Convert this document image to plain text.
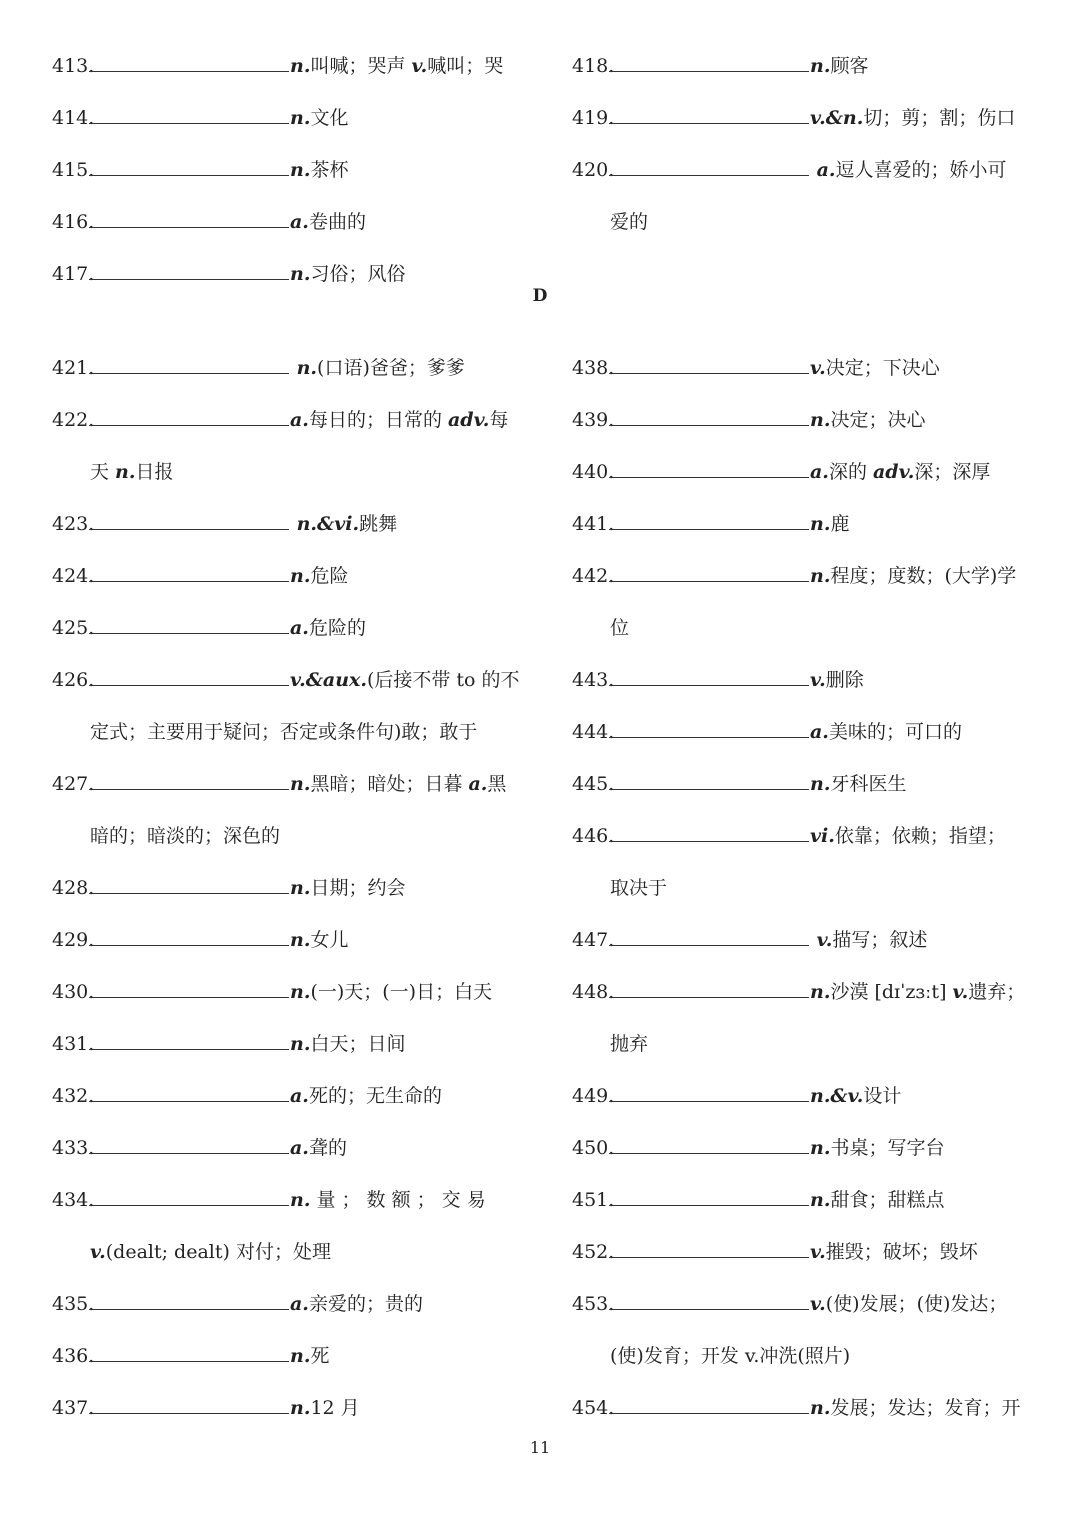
413.	n.叫喊；哭声 v.喊叫；哭
414.	n.文化
415.	n.茶杯
416.	a.卷曲的
417.	n.习俗；风俗
421.	n.(口语)爸爸；爹爹
422.	a.每日的；日常的 adv.每
天 n.日报
423.	n.&vi.跳舞
424.	n.危险
425.	a.危险的
426.	v.&aux.(后接不带 to 的不
定式；主要用于疑问；否定或条件句)敢；敢于
427.	n.黑暗；暗处；日暮 a.黑
暗的；暗淡的；深色的
428.	n.日期；约会
429.	n.女儿
430.	n.(一)天；(一)日；白天
431.	n.白天；日间
432.	a.死的；无生命的
433.	a.聋的
434.	n. 量 ； 数 额 ； 交 易
v.(dealt; dealt) 对付；处理
435.	a.亲爱的；贵的
436.	n.死
437.	n.12 月
418.	n.顾客
419.	v.&n.切；剪；割；伤口
420.	a.逗人喜爱的；娇小可
爱的
438.	v.决定；下决心
439.	n.决定；决心
440.	a.深的 adv.深；深厚
441.	n.鹿
442.	n.程度；度数；(大学)学
位
443.	v.删除
444.	a.美味的；可口的
445.	n.牙科医生
446.	vi.依靠；依赖；指望；
取决于
447.	v.描写；叙述
448.	n.沙漠 [dɪˈzɜːt] v.遗弃；
抛弃
449.	n.&v.设计
450.	n.书桌；写字台
451.	n.甜食；甜糕点
452.	v.摧毁；破坏；毁坏
453.	v.(使)发展；(使)发达；
(使)发育；开发 v.冲洗(照片)
454.	n.发展；发达；发育；开
D
11
